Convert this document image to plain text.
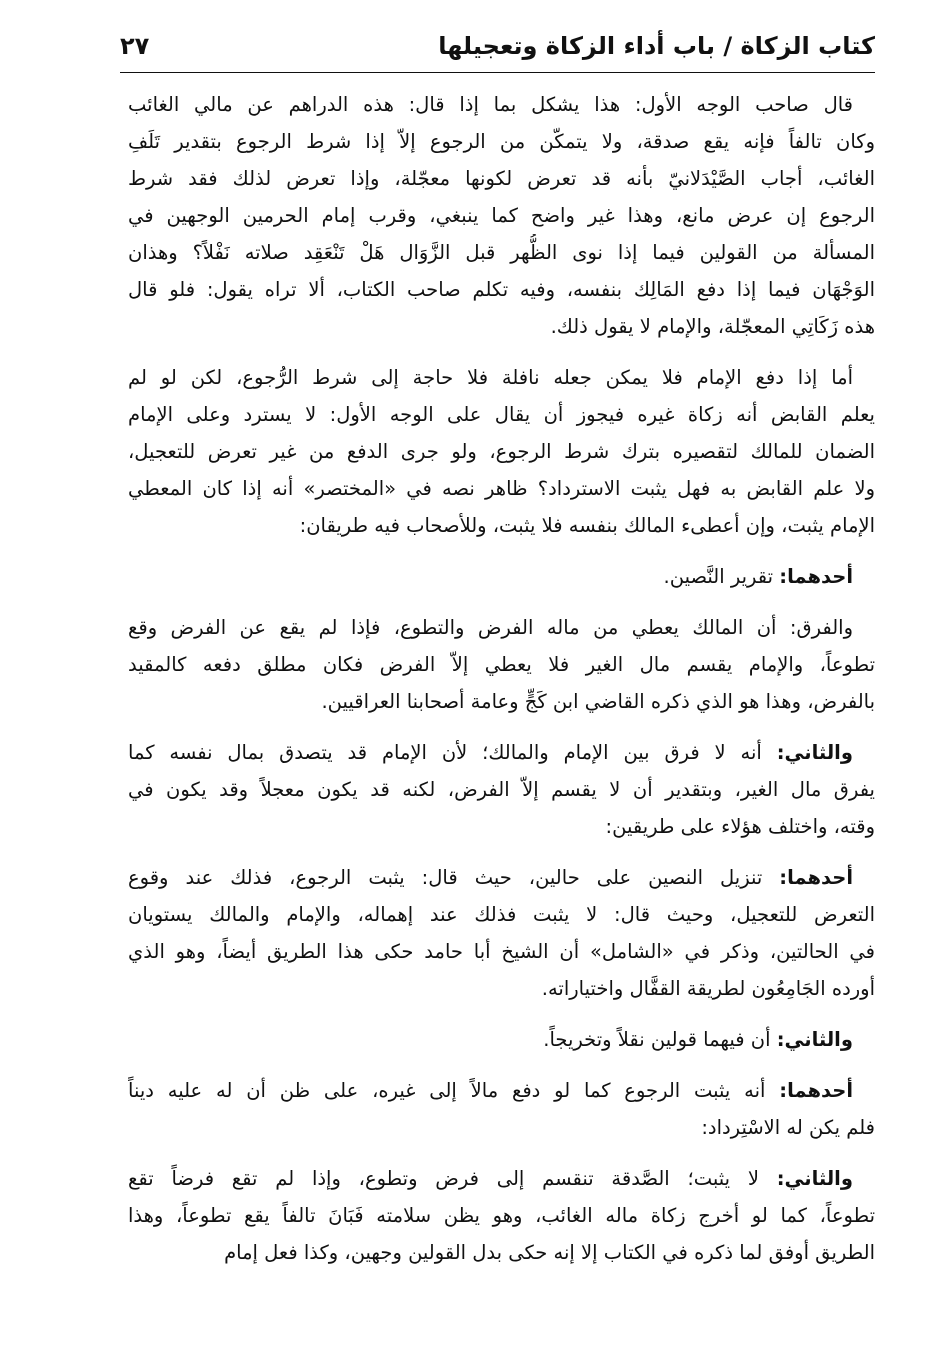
كتاب الزكاة / باب أداء الزكاة وتعجيلها
٢٧
قال صاحب الوجه الأول: هذا يشكل بما إذا قال: هذه الدراهم عن مالي الغائب
وكان تالفاً فإنه يقع صدقة، ولا يتمكّن من الرجوع إلاّ إذا شرط الرجوع بتقدير تَلَفِ
الغائب، أجاب الصَّيْدَلانيّ بأنه قد تعرض لكونها معجّلة، وإذا تعرض لذلك فقد شرط
الرجوع إن عرض مانع، وهذا غير واضح كما ينبغي، وقرب إمام الحرمين الوجهين في
المسألة من القولين فيما إذا نوى الظُّهر قبل الزَّوَال هَلْ تَنْعَقِد صلاته نَفْلاً؟ وهذان
الوَجْهَان فيما إذا دفع المَالِك بنفسه، وفيه تكلم صاحب الكتاب، ألا تراه يقول: فلو قال
هذه زَكَاتِي المعجّلة، والإمام لا يقول ذلك.
أما إذا دفع الإمام فلا يمكن جعله نافلة فلا حاجة إلى شرط الرُّجوع، لكن لو لم
يعلم القابض أنه زكاة غيره فيجوز أن يقال على الوجه الأول: لا يسترد وعلى الإمام
الضمان للمالك لتقصيره بترك شرط الرجوع، ولو جرى الدفع من غير تعرض للتعجيل،
ولا علم القابض به فهل يثبت الاسترداد؟ ظاهر نصه في «المختصر» أنه إذا كان المعطي
الإمام يثبت، وإن أعطىء المالك بنفسه فلا يثبت، وللأصحاب فيه طريقان:
أحدهما: تقرير النَّصين.
والفرق: أن المالك يعطي من ماله الفرض والتطوع، فإذا لم يقع عن الفرض وقع
تطوعاً، والإمام يقسم مال الغير فلا يعطي إلاّ الفرض فكان مطلق دفعه كالمقيد
بالفرض، وهذا هو الذي ذكره القاضي ابن كَجٍّ وعامة أصحابنا العراقيين.
والثاني: أنه لا فرق بين الإمام والمالك؛ لأن الإمام قد يتصدق بمال نفسه كما
يفرق مال الغير، وبتقدير أن لا يقسم إلاّ الفرض، لكنه قد يكون معجلاً وقد يكون في
وقته، واختلف هؤلاء على طريقين:
أحدهما: تنزيل النصين على حالين، حيث قال: يثبت الرجوع، فذلك عند وقوع
التعرض للتعجيل، وحيث قال: لا يثبت فذلك عند إهماله، والإمام والمالك يستويان
في الحالتين، وذكر في «الشامل» أن الشيخ أبا حامد حكى هذا الطريق أيضاً، وهو الذي
أورده الجَامِعُون لطريقة القفَّال واختياراته.
والثاني: أن فيهما قولين نقلاً وتخريجاً.
أحدهما: أنه يثبت الرجوع كما لو دفع مالاً إلى غيره، على ظن أن له عليه ديناً
فلم يكن له الاسْتِرداد:
والثاني: لا يثبت؛ الصَّدقة تنقسم إلى فرض وتطوع، وإذا لم تقع فرضاً تقع
تطوعاً، كما لو أخرج زكاة ماله الغائب، وهو يظن سلامته فَبَانَ تالفاً يقع تطوعاً، وهذا
الطريق أوفق لما ذكره في الكتاب إلا إنه حكى بدل القولين وجهين، وكذا فعل إمام
